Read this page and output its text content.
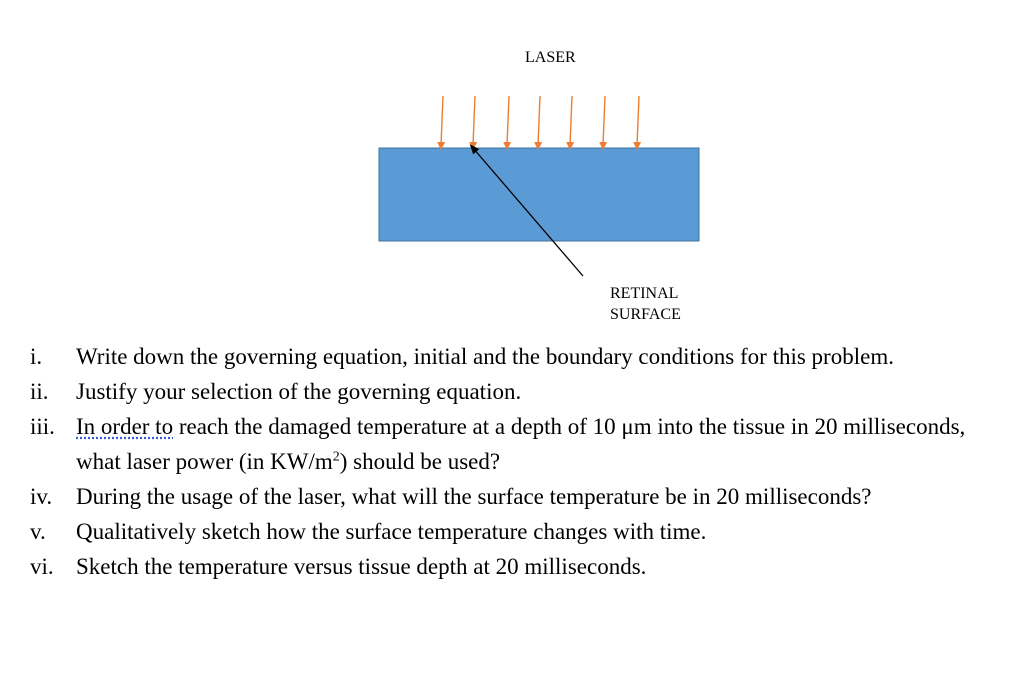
LASER
RETINAL
SURFACE
i.	Write down the governing equation, initial and the boundary conditions for this problem.
ii.	Justify your selection of the governing equation.
iii. In order to reach the damaged temperature at a depth of 10 μm into the tissue in 20 milliseconds, what laser power (in $KW/m^2$) should be used?
iv.	During the usage of the laser, what will the surface temperature be in 20 milliseconds?
v.	Qualitatively sketch how the surface temperature changes with time.
vi. Sketch the temperature versus tissue depth at 20 milliseconds.
